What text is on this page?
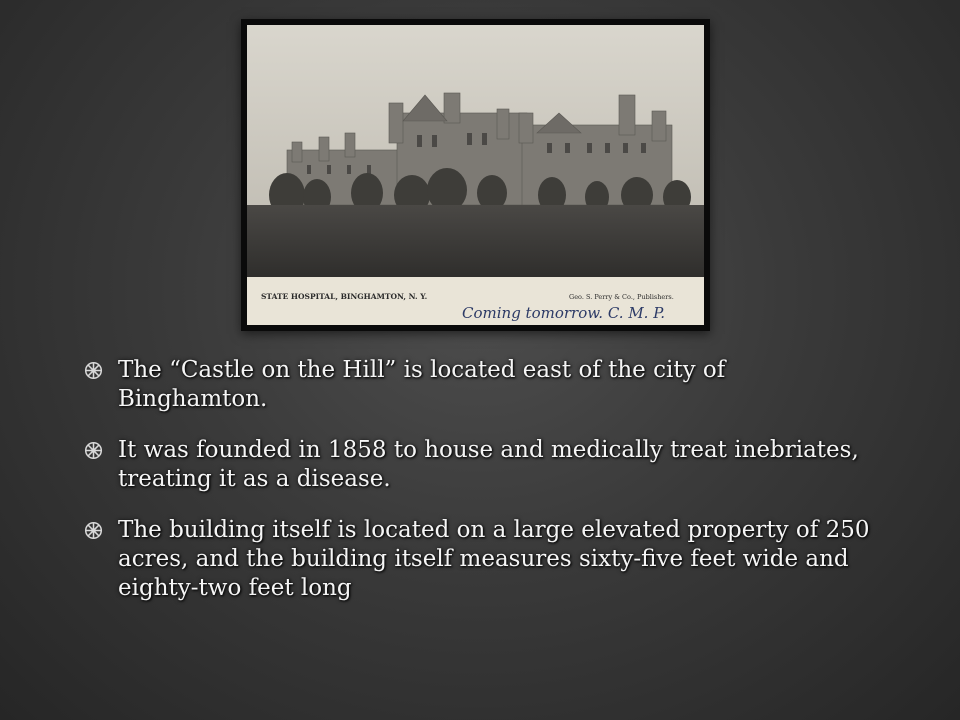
STATE HOSPITAL, BINGHAMTON, N. Y.	Geo. S. Perry & Co., Publishers.
Coming tomorrow. C. M. P.
The “Castle on the Hill” is located east of the city of Binghamton.
It was founded in 1858 to house and medically treat inebriates, treating it as a disease.
The building itself is located on a large elevated property of 250 acres, and the building itself measures sixty-five feet wide and eighty-two feet long
